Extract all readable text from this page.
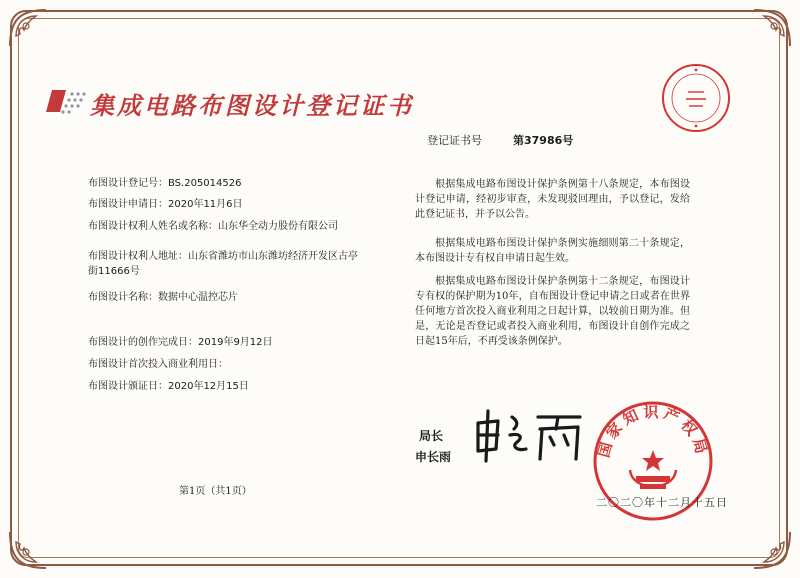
集成电路布图设计登记证书
登记证书号	第37986号
布图设计登记号：BS.205014526
布图设计申请日：2020年11月6日
布图设计权利人姓名或名称：山东华全动力股份有限公司
布图设计权利人地址：山东省潍坊市山东潍坊经济开发区古亭街11666号
布图设计名称：数据中心温控芯片
布图设计的创作完成日：2019年9月12日
布图设计首次投入商业利用日：
布图设计颁证日：2020年12月15日
根据集成电路布图设计保护条例第十八条规定，本布图设计登记申请，经初步审查，未发现驳回理由，予以登记，发给此登记证书，并予以公告。
根据集成电路布图设计保护条例实施细则第二十条规定，本布图设计专有权自申请日起生效。
根据集成电路布图设计保护条例第十二条规定，布图设计专有权的保护期为10年，自布图设计登记申请之日或者在世界任何地方首次投入商业利用之日起计算，以较前日期为准。但是，无论是否登记或者投入商业利用，布图设计自创作完成之日起15年后，不再受该条例保护。
局长
申长雨	国家知识产权局
二〇二〇年十二月十五日
第1页（共1页）
